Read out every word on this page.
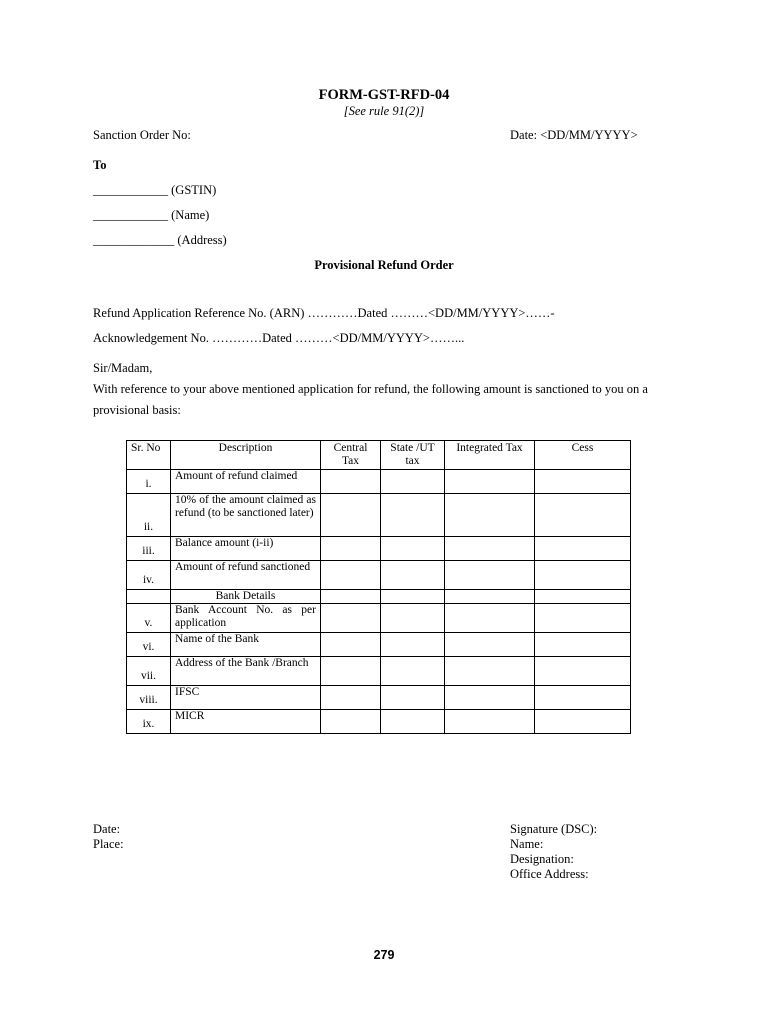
FORM-GST-RFD-04
[See rule 91(2)]
Sanction Order No:	Date: <DD/MM/YYYY>
To
____________ (GSTIN)
____________ (Name)
_____________ (Address)
Provisional Refund Order
Refund Application Reference No. (ARN) …………Dated ………<DD/MM/YYYY>……-
Acknowledgement No. …………Dated ………<DD/MM/YYYY>……...
Sir/Madam,
With reference to your above mentioned application for refund, the following amount is sanctioned to you on a provisional basis:
Sr. No	Description	Central Tax	State /UT tax	Integrated Tax	Cess
i.	Amount of refund claimed				
ii.	10% of the amount claimed as refund (to be sanctioned later)				
iii.	Balance amount (i-ii)				
iv.	Amount of refund sanctioned				
	Bank Details				
v.	Bank Account No. as per application				
vi.	Name of the Bank				
vii.	Address of the Bank /Branch				
viii.	IFSC				
ix.	MICR				
Date:
Place:
Signature (DSC):
Name:
Designation:
Office Address:
279
